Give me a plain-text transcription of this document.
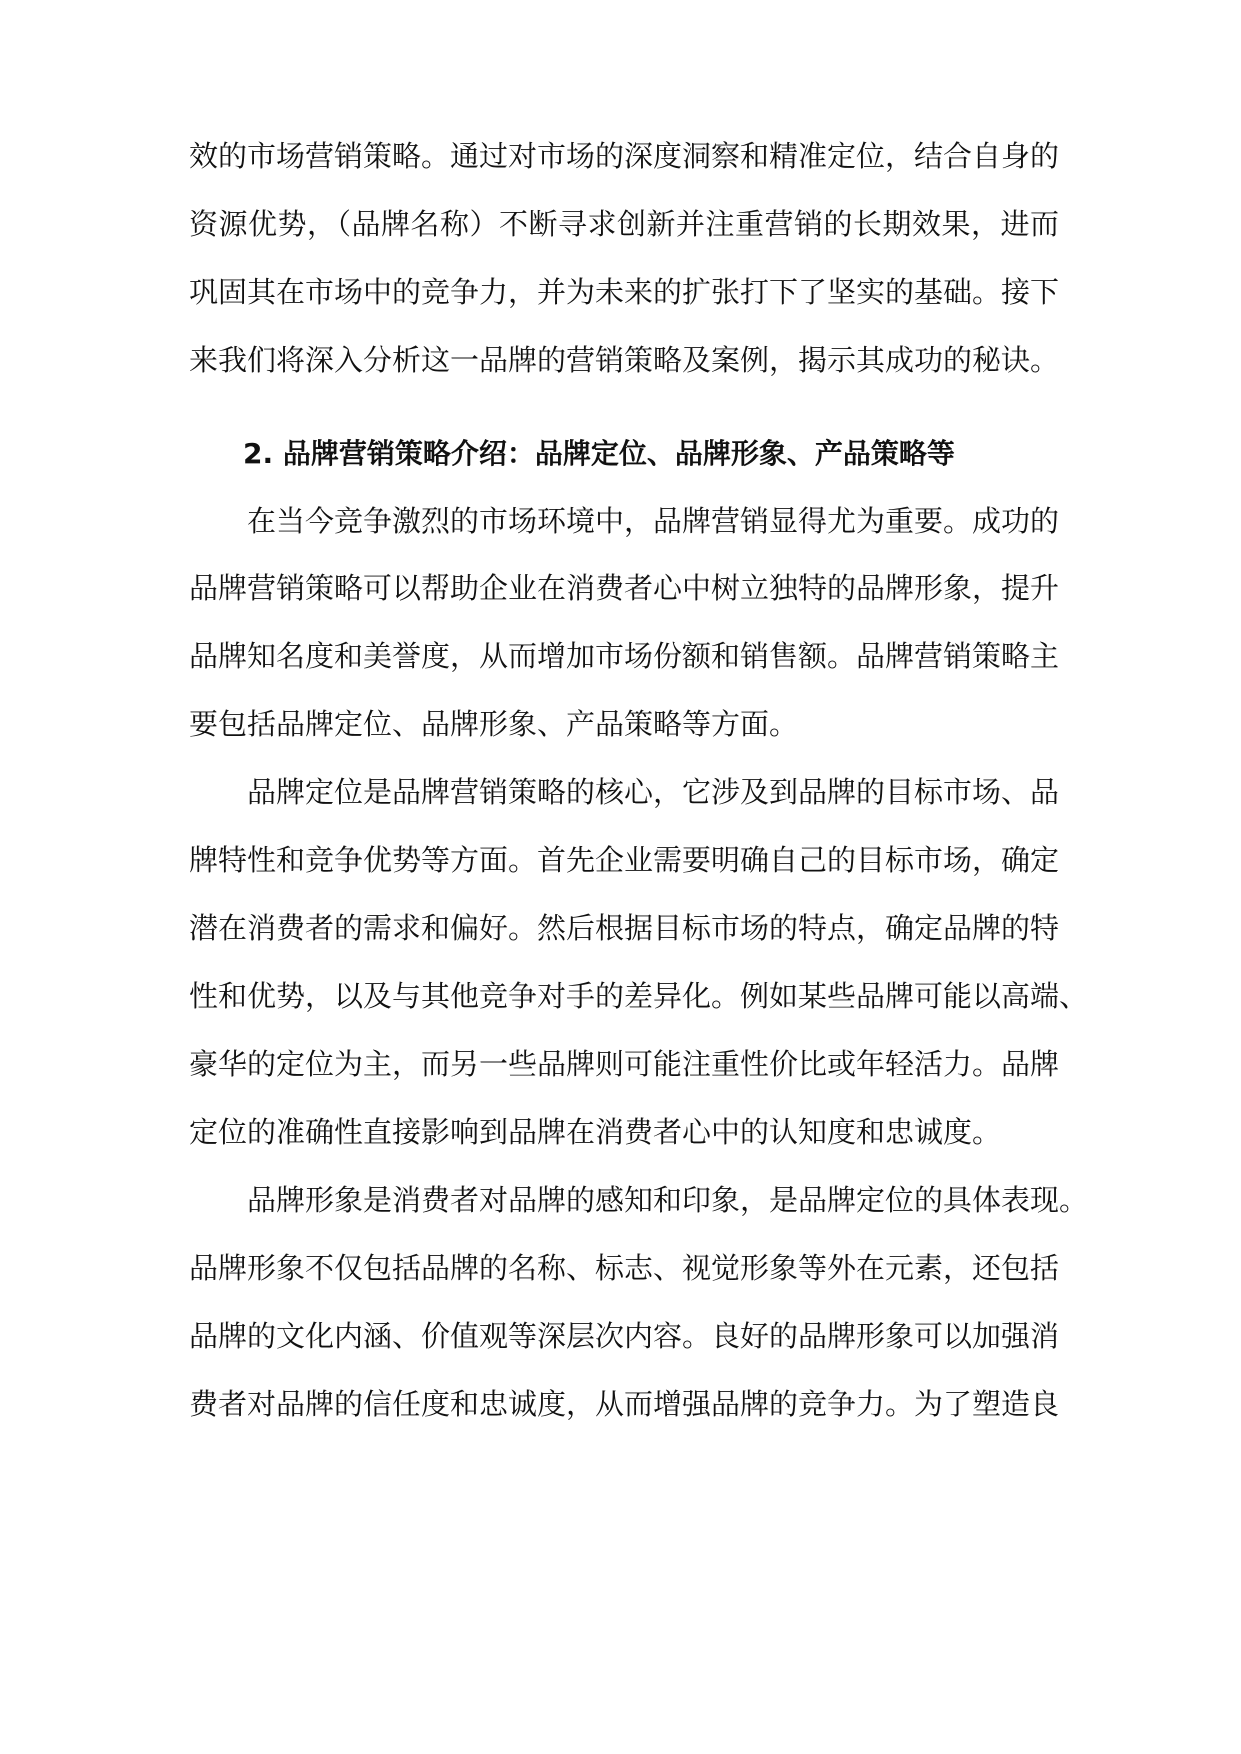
效的市场营销策略。通过对市场的深度洞察和精准定位，结合自身的
资源优势，（品牌名称）不断寻求创新并注重营销的长期效果，进而
巩固其在市场中的竞争力，并为未来的扩张打下了坚实的基础。接下
来我们将深入分析这一品牌的营销策略及案例，揭示其成功的秘诀。
2. 品牌营销策略介绍：品牌定位、品牌形象、产品策略等
在当今竞争激烈的市场环境中，品牌营销显得尤为重要。成功的
品牌营销策略可以帮助企业在消费者心中树立独特的品牌形象，提升
品牌知名度和美誉度，从而增加市场份额和销售额。品牌营销策略主
要包括品牌定位、品牌形象、产品策略等方面。
品牌定位是品牌营销策略的核心，它涉及到品牌的目标市场、品
牌特性和竞争优势等方面。首先企业需要明确自己的目标市场，确定
潜在消费者的需求和偏好。然后根据目标市场的特点，确定品牌的特
性和优势，以及与其他竞争对手的差异化。例如某些品牌可能以高端、
豪华的定位为主，而另一些品牌则可能注重性价比或年轻活力。品牌
定位的准确性直接影响到品牌在消费者心中的认知度和忠诚度。
品牌形象是消费者对品牌的感知和印象，是品牌定位的具体表现。
品牌形象不仅包括品牌的名称、标志、视觉形象等外在元素，还包括
品牌的文化内涵、价值观等深层次内容。良好的品牌形象可以加强消
费者对品牌的信任度和忠诚度，从而增强品牌的竞争力。为了塑造良
